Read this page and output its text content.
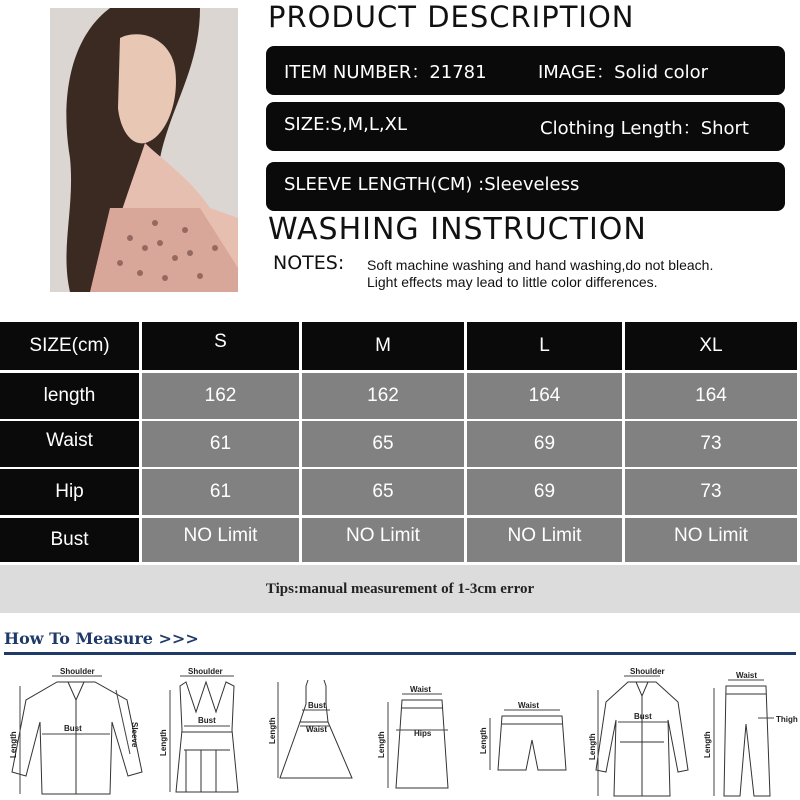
PRODUCT DESCRIPTION
ITEM NUMBER：21781	IMAGE：Solid color
SIZE:S,M,L,XL	Clothing Length：Short
SLEEVE LENGTH(CM) :Sleeveless
WASHING INSTRUCTION
NOTES: Soft machine washing and hand washing,do not bleach.
Light effects may lead to little color differences.
SIZE(cm)	S	M	L	XL
length	162	162	164	164
Waist	61	65	69	73
Hip	61	65	69	73
Bust	NO Limit	NO Limit	NO Limit	NO Limit
Tips:manual measurement of 1-3cm error
How To Measure >>>
Shoulder
Bust
Length	Sleeve
Shoulder
Bust
Length
Bust
Waist
Length
Waist
Hips
Length
Waist
Length
Shoulder
Bust
Length
Waist
Thigh
Length
